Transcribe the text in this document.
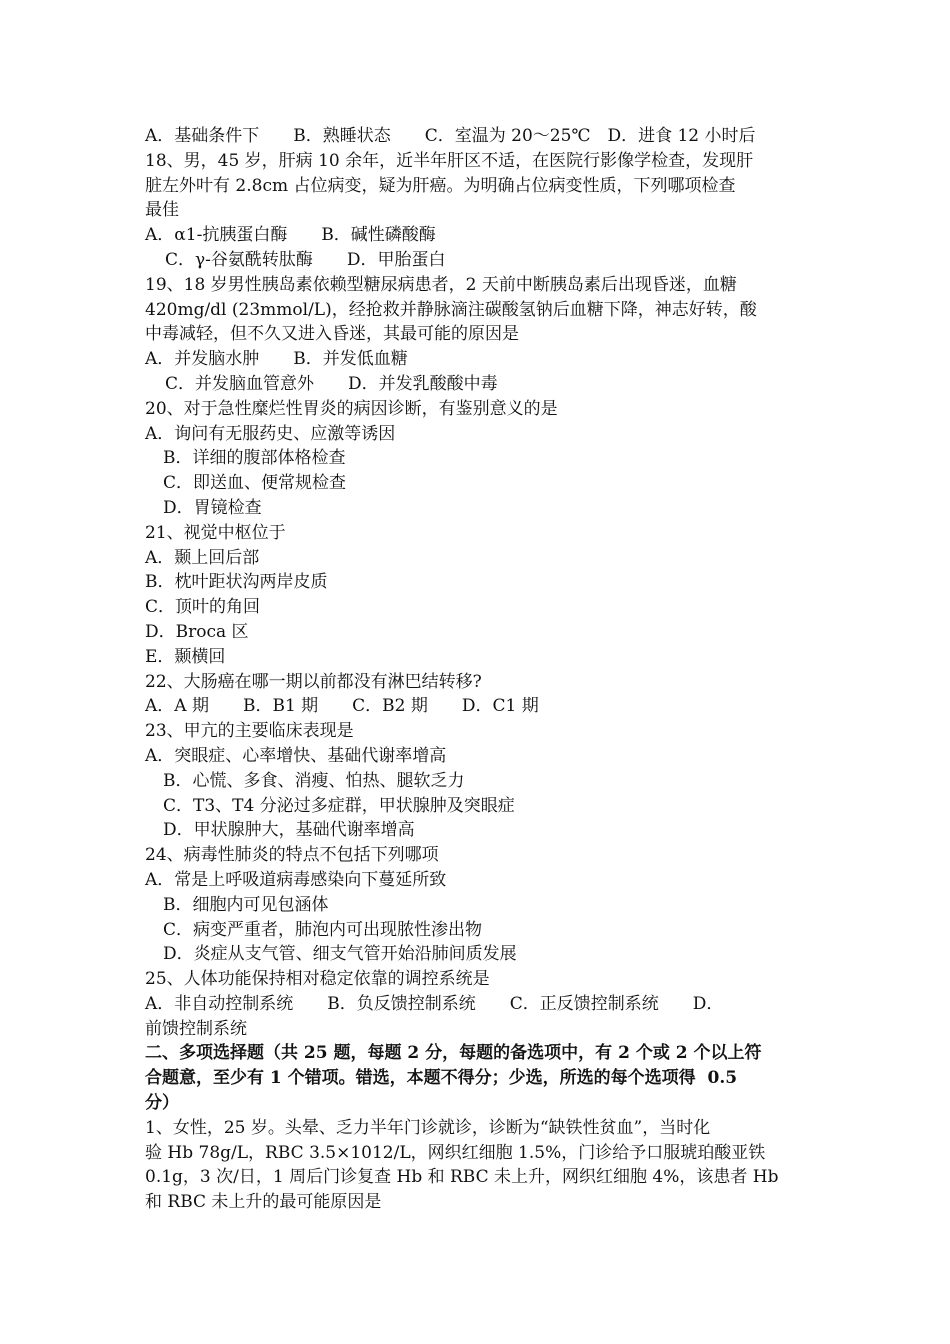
A．基础条件下　　B．熟睡状态　　C．室温为 20～25℃　D．进食 12 小时后
18、男，45 岁，肝病 10 余年，近半年肝区不适，在医院行影像学检查，发现肝
脏左外叶有 2.8cm 占位病变，疑为肝癌。为明确占位病变性质，下列哪项检查
最佳
A．α1-抗胰蛋白酶　　B．碱性磷酸酶
C．γ-谷氨酰转肽酶　　D．甲胎蛋白
19、18 岁男性胰岛素依赖型糖尿病患者，2 天前中断胰岛素后出现昏迷，血糖
420mg/dl (23mmol/L)，经抢救并静脉滴注碳酸氢钠后血糖下降，神志好转，酸
中毒减轻，但不久又进入昏迷，其最可能的原因是
A．并发脑水肿　　B．并发低血糖
C．并发脑血管意外　　D．并发乳酸酸中毒
20、对于急性糜烂性胃炎的病因诊断，有鉴别意义的是
A．询问有无服药史、应激等诱因
B．详细的腹部体格检查
C．即送血、便常规检查
D．胃镜检查
21、视觉中枢位于
A．颞上回后部
B．枕叶距状沟两岸皮质
C．顶叶的角回
D．Broca 区
E．颞横回
22、大肠癌在哪一期以前都没有淋巴结转移?
A．A 期　　B．B1 期　　C．B2 期　　D．C1 期
23、甲亢的主要临床表现是
A．突眼症、心率增快、基础代谢率增高
B．心慌、多食、消瘦、怕热、腿软乏力
C．T3、T4 分泌过多症群，甲状腺肿及突眼症
D．甲状腺肿大，基础代谢率增高
24、病毒性肺炎的特点不包括下列哪项
A．常是上呼吸道病毒感染向下蔓延所致
B．细胞内可见包涵体
C．病变严重者，肺泡内可出现脓性渗出物
D．炎症从支气管、细支气管开始沿肺间质发展
25、人体功能保持相对稳定依靠的调控系统是
A．非自动控制系统　　B．负反馈控制系统　　C．正反馈控制系统　　D．
前馈控制系统
二、多项选择题（共 25 题，每题 2 分，每题的备选项中，有 2 个或 2 个以上符
合题意，至少有 1 个错项。错选，本题不得分；少选，所选的每个选项得  0.5
分）
1、女性，25 岁。头晕、乏力半年门诊就诊，诊断为“缺铁性贫血”，当时化
验 Hb 78g/L，RBC 3.5×1012/L，网织红细胞 1.5%，门诊给予口服琥珀酸亚铁
0.1g，3 次/日，1 周后门诊复查 Hb 和 RBC 未上升，网织红细胞 4%，该患者 Hb
和 RBC 未上升的最可能原因是
